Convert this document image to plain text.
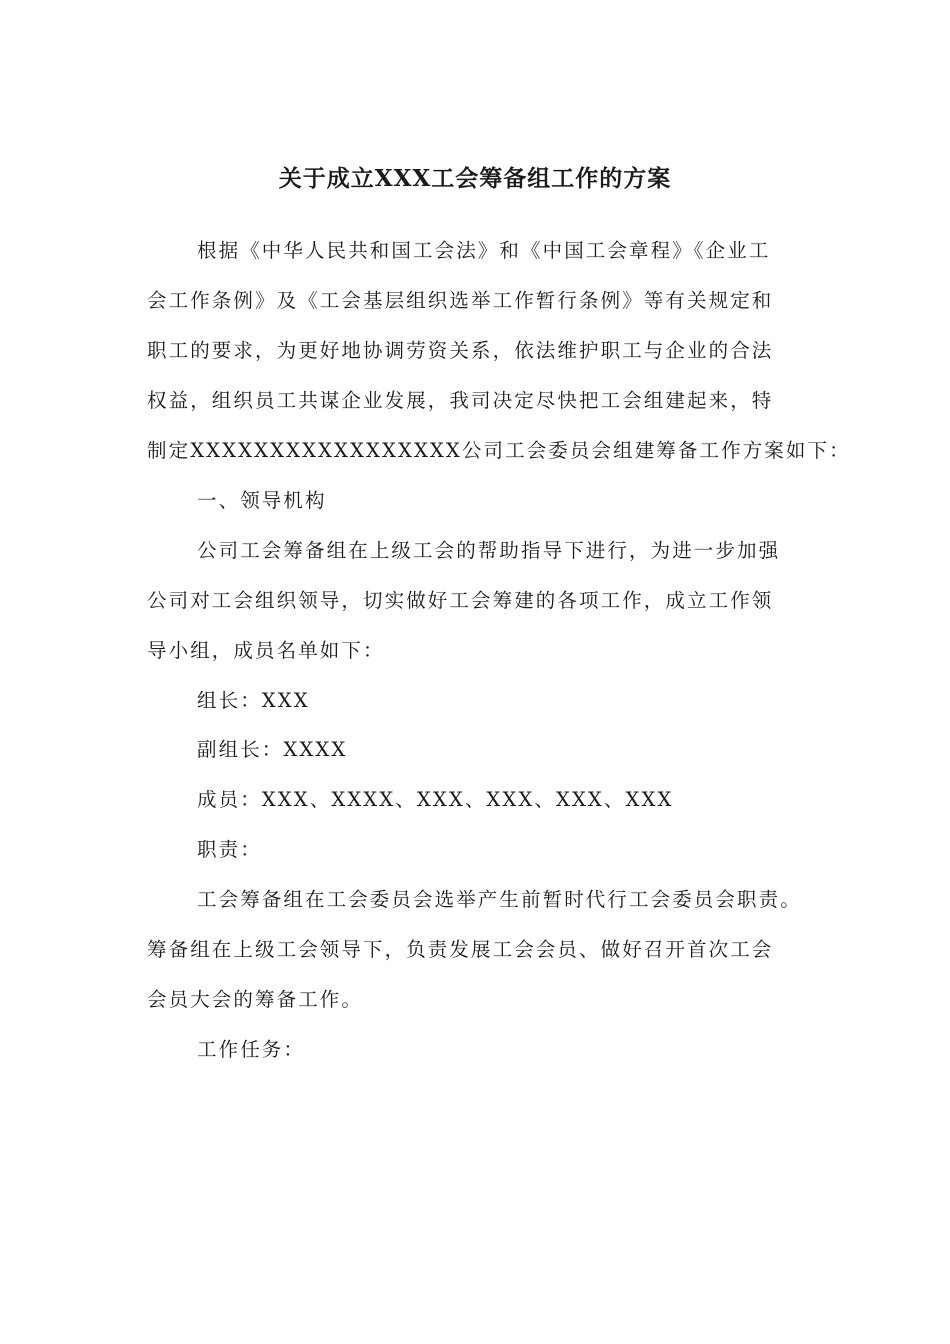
关于成立XXX工会筹备组工作的方案
根据《中华人民共和国工会法》和《中国工会章程》《企业工
会工作条例》及《工会基层组织选举工作暂行条例》等有关规定和
职工的要求，为更好地协调劳资关系，依法维护职工与企业的合法
权益，组织员工共谋企业发展，我司决定尽快把工会组建起来，特
制定XXXXXXXXXXXXXXXXX公司工会委员会组建筹备工作方案如下：
一、领导机构
公司工会筹备组在上级工会的帮助指导下进行，为进一步加强
公司对工会组织领导，切实做好工会筹建的各项工作，成立工作领
导小组，成员名单如下：
组长：XXX
副组长：XXXX
成员：XXX、XXXX、XXX、XXX、XXX、XXX
职责：
工会筹备组在工会委员会选举产生前暂时代行工会委员会职责。
筹备组在上级工会领导下，负责发展工会会员、做好召开首次工会
会员大会的筹备工作。
工作任务：
